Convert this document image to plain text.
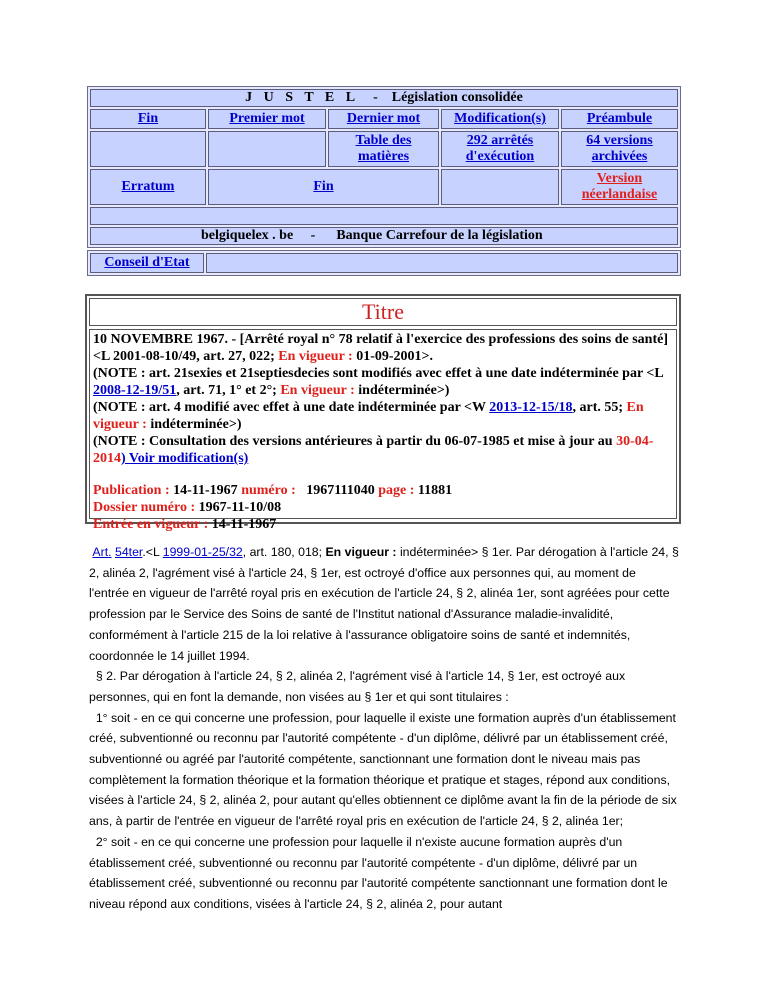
J U S T E L - Législation consolidée				
Fin	Premier mot	Dernier mot	Modification(s)	Préambule
		Table des matières	292 arrêtés d'exécution	64 versions archivées
Erratum	Fin			Version néerlandaise

belgiquelex . be - Banque Carrefour de la législation				
Conseil d'Etat	
Titre

10 NOVEMBRE 1967. - [Arrêté royal n° 78 relatif à l'exercice des professions des soins de santé] <L 2001-08-10/49, art. 27, 022; En vigueur : 01-09-2001>.

(NOTE : art. 21sexies et 21septiesdecies sont modifiés avec effet à une date indéterminée par <L 2008-12-19/51, art. 71, 1° et 2°; En vigueur : indéterminée>)

(NOTE : art. 4 modifié avec effet à une date indéterminée par <W 2013-12-15/18, art. 55; En vigueur : indéterminée>)

(NOTE : Consultation des versions antérieures à partir du 06-07-1985 et mise à jour au 30-04-2014) Voir modification(s)

Publication : 14-11-1967 numéro :   1967111040 page : 11881

Dossier numéro : 1967-11-10/08

Entrée en vigueur : 14-11-1967

Art. 54ter.<L 1999-01-25/32, art. 180, 018; En vigueur : indéterminée> § 1er. Par dérogation à l'article 24, § 2, alinéa 2, l'agrément visé à l'article 24, § 1er, est octroyé d'office aux personnes qui, au moment de l'entrée en vigueur de l'arrêté royal pris en exécution de l'article 24, § 2, alinéa 1er, sont agréées pour cette profession par le Service des Soins de santé de l'Institut national d'Assurance maladie-invalidité, conformément à l'article 215 de la loi relative à l'assurance obligatoire soins de santé et indemnités, coordonnée le 14 juillet 1994.

§ 2. Par dérogation à l'article 24, § 2, alinéa 2, l'agrément visé à l'article 14, § 1er, est octroyé aux personnes, qui en font la demande, non visées au § 1er et qui sont titulaires :

1° soit - en ce qui concerne une profession, pour laquelle il existe une formation auprès d'un établissement créé, subventionné ou reconnu par l'autorité compétente - d'un diplôme, délivré par un établissement créé, subventionné ou agréé par l'autorité compétente, sanctionnant une formation dont le niveau mais pas complètement la formation théorique et la formation théorique et pratique et stages, répond aux conditions, visées à l'article 24, § 2, alinéa 2, pour autant qu'elles obtiennent ce diplôme avant la fin de la période de six ans, à partir de l'entrée en vigueur de l'arrêté royal pris en exécution de l'article 24, § 2, alinéa 1er;

2° soit - en ce qui concerne une profession pour laquelle il n'existe aucune formation auprès d'un établissement créé, subventionné ou reconnu par l'autorité compétente - d'un diplôme, délivré par un établissement créé, subventionné ou reconnu par l'autorité compétente sanctionnant une formation dont le niveau répond aux conditions, visées à l'article 24, § 2, alinéa 2, pour autant
